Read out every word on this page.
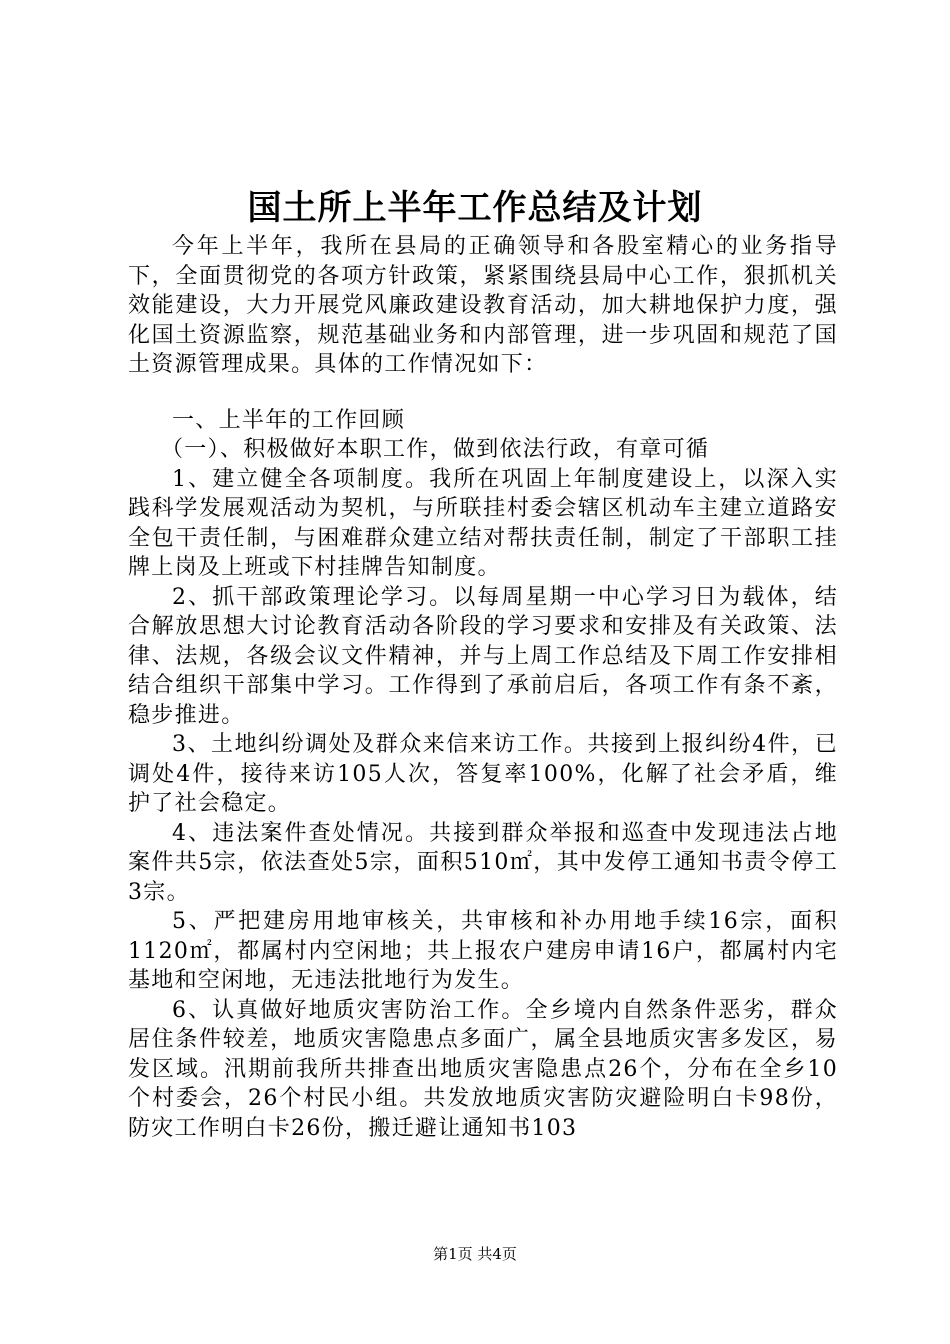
国土所上半年工作总结及计划

今年上半年，我所在县局的正确领导和各股室精心的业务指导下，全面贯彻党的各项方针政策，紧紧围绕县局中心工作，狠抓机关效能建设，大力开展党风廉政建设教育活动，加大耕地保护力度，强化国土资源监察，规范基础业务和内部管理，进一步巩固和规范了国土资源管理成果。具体的工作情况如下：

一、上半年的工作回顾

（一）、积极做好本职工作，做到依法行政，有章可循

1、建立健全各项制度。我所在巩固上年制度建设上，以深入实践科学发展观活动为契机，与所联挂村委会辖区机动车主建立道路安全包干责任制，与困难群众建立结对帮扶责任制，制定了干部职工挂牌上岗及上班或下村挂牌告知制度。

2、抓干部政策理论学习。以每周星期一中心学习日为载体，结合解放思想大讨论教育活动各阶段的学习要求和安排及有关政策、法律、法规，各级会议文件精神，并与上周工作总结及下周工作安排相结合组织干部集中学习。工作得到了承前启后，各项工作有条不紊，稳步推进。

3、土地纠纷调处及群众来信来访工作。共接到上报纠纷4件，已调处4件，接待来访105人次，答复率100%，化解了社会矛盾，维护了社会稳定。

4、违法案件查处情况。共接到群众举报和巡查中发现违法占地案件共5宗，依法查处5宗，面积510㎡，其中发停工通知书责令停工3宗。

5、严把建房用地审核关，共审核和补办用地手续16宗，面积1120㎡，都属村内空闲地；共上报农户建房申请16户，都属村内宅基地和空闲地，无违法批地行为发生。

6、认真做好地质灾害防治工作。全乡境内自然条件恶劣，群众居住条件较差，地质灾害隐患点多面广，属全县地质灾害多发区，易发区域。汛期前我所共排查出地质灾害隐患点26个，分布在全乡10个村委会，26个村民小组。共发放地质灾害防灾避险明白卡98份，防灾工作明白卡26份，搬迁避让通知书103

第1页 共4页
